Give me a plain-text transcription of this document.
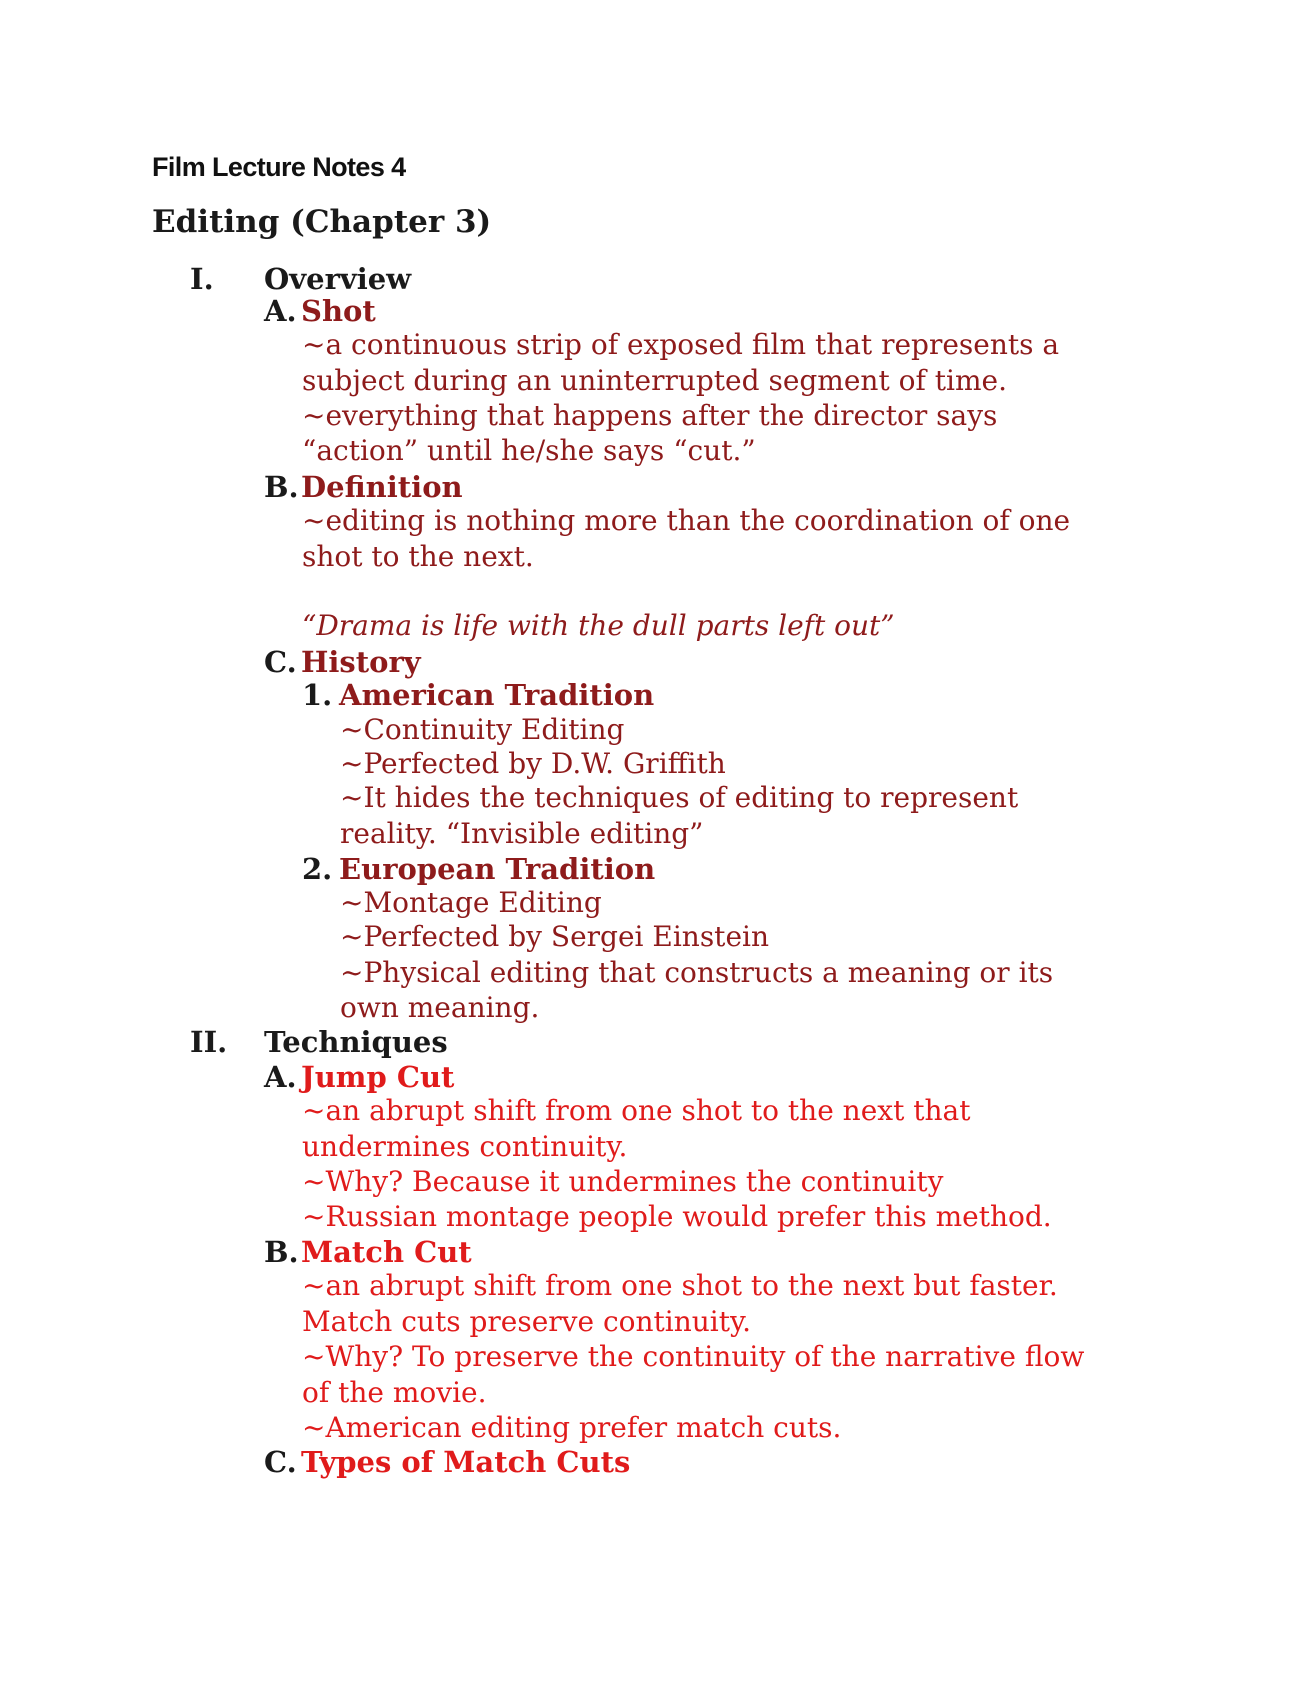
Film Lecture Notes 4
Editing (Chapter 3)
I. Overview
A. Shot
~a continuous strip of exposed film that represents a
subject during an uninterrupted segment of time.
~everything that happens after the director says
“action” until he/she says “cut.”
B.Definition
~editing is nothing more than the coordination of one
shot to the next.
“Drama is life with the dull parts left out”
C. History
1. American Tradition
~Continuity Editing
~Perfected by D.W. Griffith
~It hides the techniques of editing to represent
reality. “Invisible editing”
2. European Tradition
~Montage Editing
~Perfected by Sergei Einstein
~Physical editing that constructs a meaning or its
own meaning.
II. Techniques
A. Jump Cut
~an abrupt shift from one shot to the next that
undermines continuity.
~Why? Because it undermines the continuity
~Russian montage people would prefer this method.
B.Match Cut
~an abrupt shift from one shot to the next but faster.
Match cuts preserve continuity.
~Why? To preserve the continuity of the narrative flow
of the movie.
~American editing prefer match cuts.
C. Types of Match Cuts
